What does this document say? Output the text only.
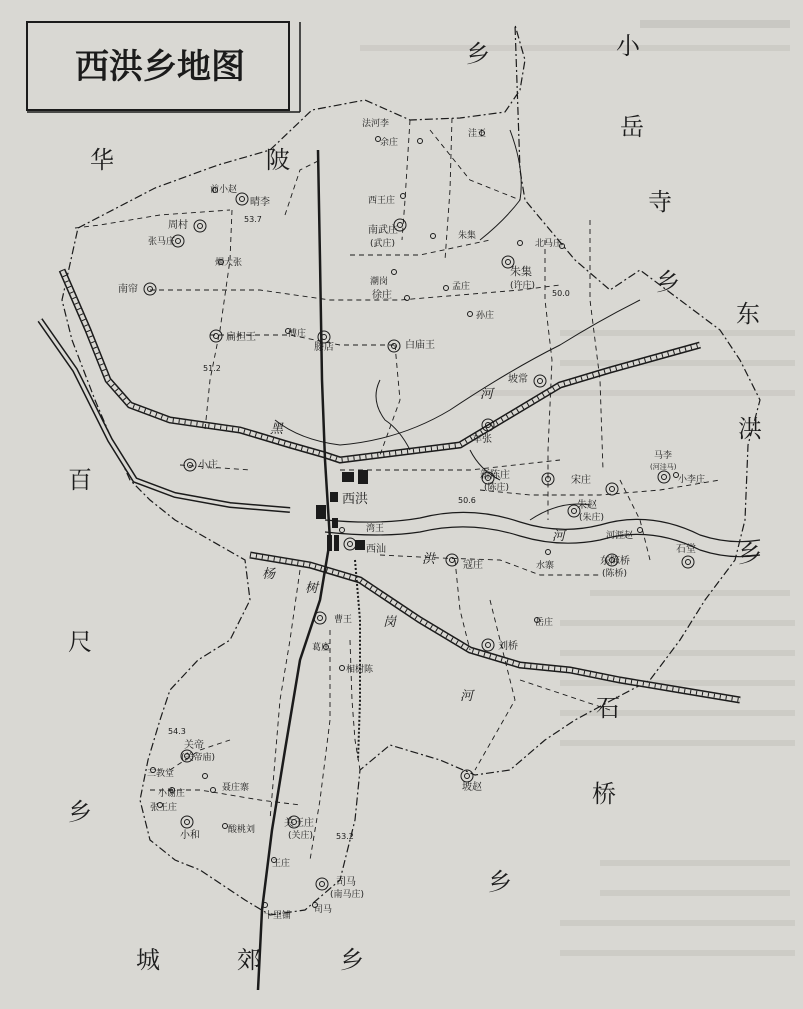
西洪乡地图	乡	小
岳
寺
乡
华	陂
东
洪
乡
百
尺
乡
石
桥
乡
城	郊	乡
黑
河
洪
河
杨
树
岗
河
前小赵
晴李
周村
张马庄
烟大张
南帘
扁担王	傅庄
滕店	白庙王
小庄
西洪
西王庄
南武庄
(武庄)
朱集
北马庄
朱集
(许庄)
潮岗
徐庄
孟庄
孙庄
坡常
车张
新陈庄
(陈庄)
宋庄
马李
(河洼马)
小李庄
朱赵
(朱庄)
湾王
西汕
寇庄	水寨	东陈桥
(陈桥)
河涯赵
石堂
曹王
葛庄	刘桥
岳庄
相树陈
关帝
(关帝庙)
三教堂
小谢庄
聂庄寨
张王庄
小和	酸桃刘
关王庄
(关庄)
王庄
司马
(南马庄)
司马
十里铺
坡赵
法河李
余庄
洼王
53.7
51.2
50.0
50.6
54.3
53.2
